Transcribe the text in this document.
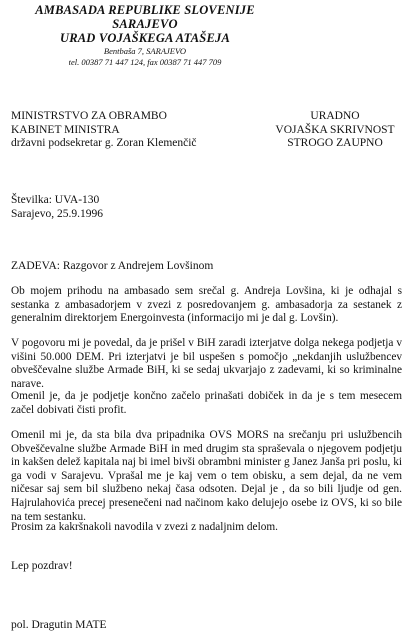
AMBASADA REPUBLIKE SLOVENIJE
SARAJEVO
URAD VOJAŠKEGA ATAŠEJA
Bentbaša 7, SARAJEVO
tel. 00387 71 447 124, fax 00387 71 447 709
MINISTRSTVO ZA OBRAMBO
KABINET MINISTRA
državni podsekretar g. Zoran Klemenčič
URADNO
VOJAŠKA SKRIVNOST
STROGO ZAUPNO
Številka: UVA-130
Sarajevo, 25.9.1996
ZADEVA: Razgovor z Andrejem Lovšinom
Ob mojem prihodu na ambasado sem srečal g. Andreja Lovšina, ki je odhajal s sestanka z ambasadorjem v zvezi z posredovanjem g. ambasadorja za sestanek z generalnim direktorjem Energoinvesta (informacijo mi je dal g. Lovšin).
V pogovoru mi je povedal, da je prišel v BiH zaradi izterjatve dolga nekega podjetja v višini 50.000 DEM. Pri izterjatvi je bil uspešen s pomočjo „nekdanjih uslužbencev obveščevalne službe Armade BiH, ki se sedaj ukvarjajo z zadevami, ki so kriminalne narave.
Omenil je, da je podjetje končno začelo prinašati dobiček in da je s tem mesecem začel dobivati čisti profit.
Omenil mi je, da sta bila dva pripadnika OVS MORS na srečanju pri uslužbencih Obveščevalne službe Armade BiH in med drugim sta spraševala o njegovem podjetju in kakšen delež kapitala naj bi imel bivši obrambni minister g Janez Janša pri poslu, ki ga vodi v Sarajevu. Vprašal me je kaj vem o tem obisku, a sem dejal, da ne vem ničesar saj sem bil službeno nekaj časa odsoten. Dejal je , da so bili ljudje od gen. Hajrulahovića precej presenečeni nad načinom kako delujejo osebe iz OVS, ki so bile na tem sestanku.
Prosim za kakršnakoli navodila v zvezi z nadaljnim delom.
Lep pozdrav!
pol. Dragutin MATE
